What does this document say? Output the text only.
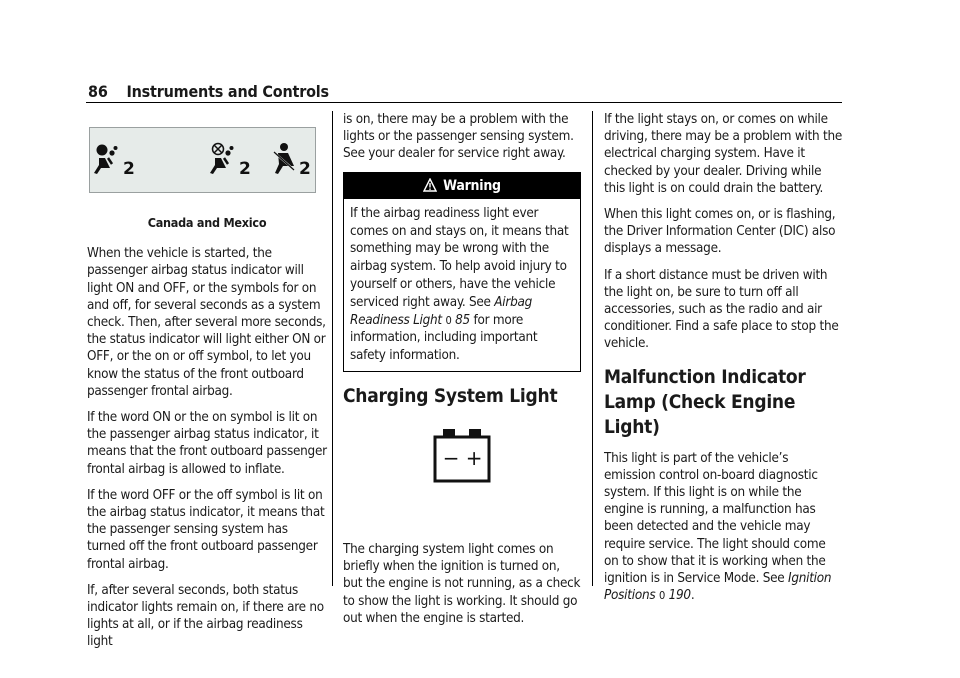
86 Instruments and Controls
2	2	2

Canada and Mexico

When the vehicle is started, the passenger airbag status indicator will light ON and OFF, or the symbols for on and off, for several seconds as a system check. Then, after several more seconds, the status indicator will light either ON or OFF, or the on or off symbol, to let you know the status of the front outboard passenger frontal airbag.

If the word ON or the on symbol is lit on the passenger airbag status indicator, it means that the front outboard passenger frontal airbag is allowed to inflate.

If the word OFF or the off symbol is lit on the airbag status indicator, it means that the passenger sensing system has turned off the front outboard passenger frontal airbag.

If, after several seconds, both status indicator lights remain on, if there are no lights at all, or if the airbag readiness light

is on, there may be a problem with the lights or the passenger sensing system. See your dealer for service right away.

Warning
If the airbag readiness light ever comes on and stays on, it means that something may be wrong with the airbag system. To help avoid injury to yourself or others, have the vehicle serviced right away. See Airbag Readiness Light 0 85 for more information, including important safety information.
Charging System Light
− +

The charging system light comes on briefly when the ignition is turned on, but the engine is not running, as a check to show the light is working. It should go out when the engine is started.

If the light stays on, or comes on while driving, there may be a problem with the electrical charging system. Have it checked by your dealer. Driving while this light is on could drain the battery.

When this light comes on, or is flashing, the Driver Information Center (DIC) also displays a message.

If a short distance must be driven with the light on, be sure to turn off all accessories, such as the radio and air conditioner. Find a safe place to stop the vehicle.

Malfunction Indicator Lamp (Check Engine Light)

This light is part of the vehicle’s emission control on-board diagnostic system. If this light is on while the engine is running, a malfunction has been detected and the vehicle may require service. The light should come on to show that it is working when the ignition is in Service Mode. See Ignition Positions 0 190.
